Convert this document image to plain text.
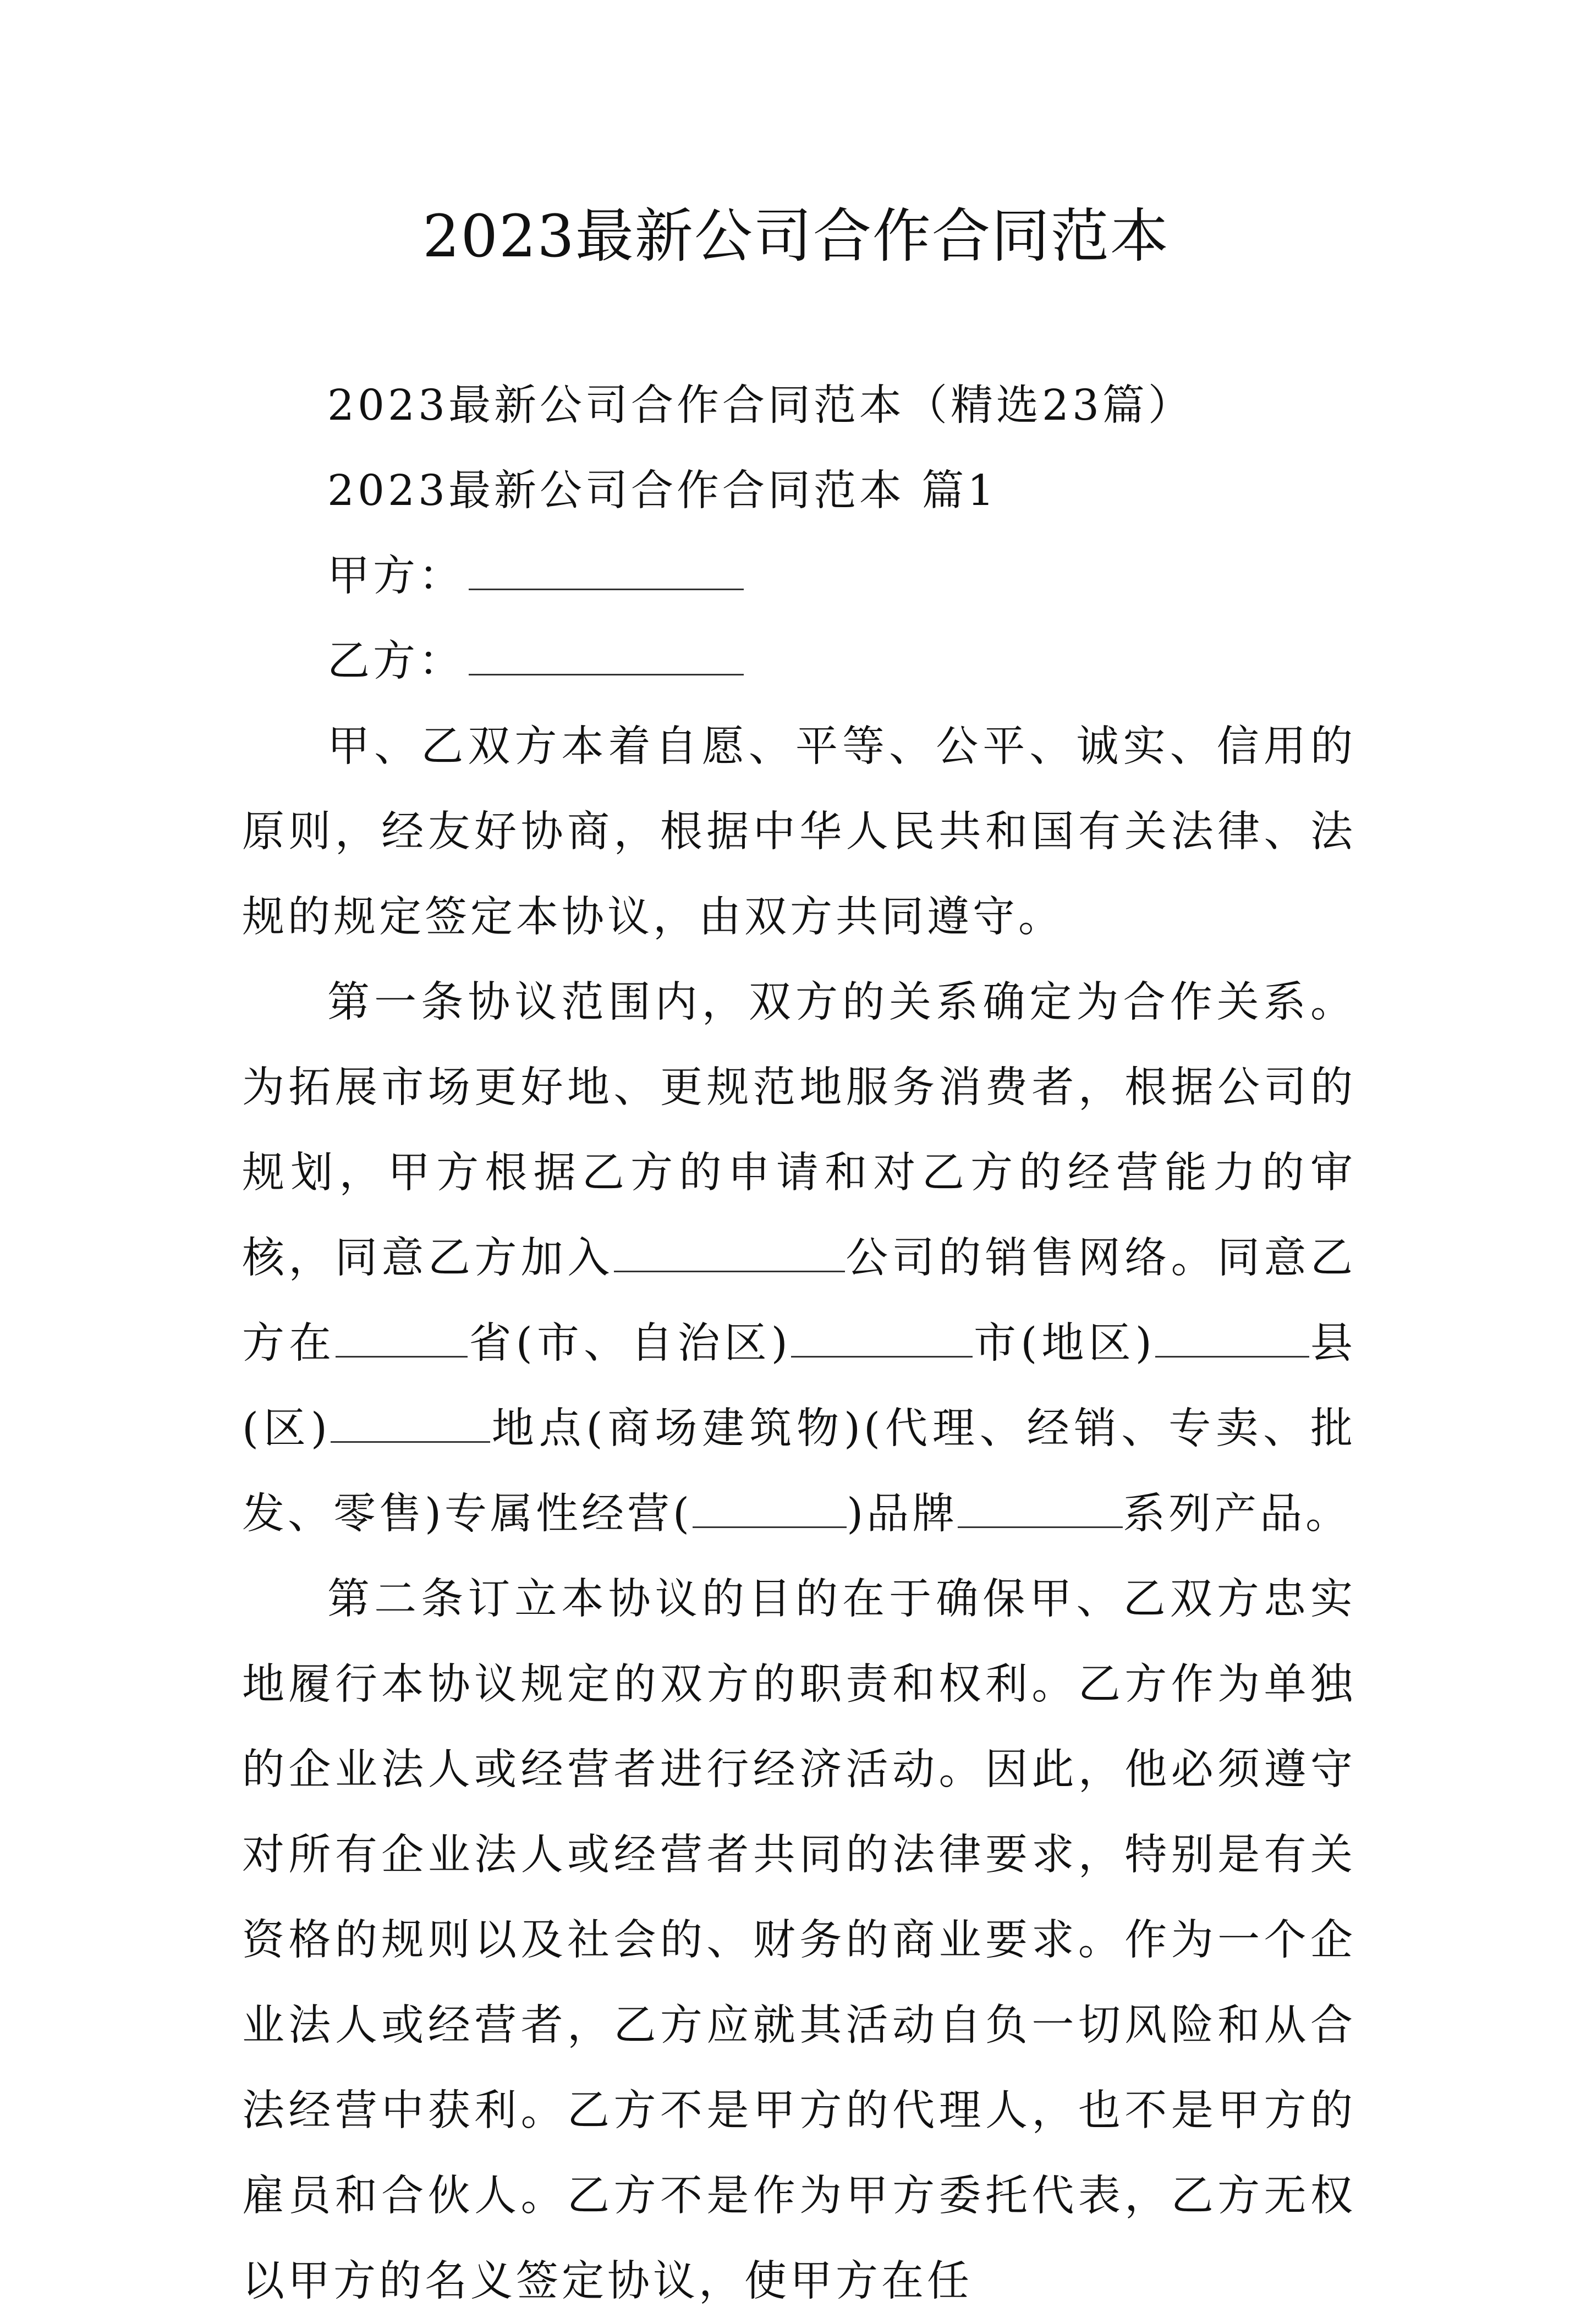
2023最新公司合作合同范本

2023最新公司合作合同范本（精选23篇）

2023最新公司合作合同范本 篇1

甲方：

乙方：

甲、乙双方本着自愿、平等、公平、诚实、信用的原则，经友好协商，根据中华人民共和国有关法律、法规的规定签定本协议，由双方共同遵守。

第一条协议范围内，双方的关系确定为合作关系。为拓展市场更好地、更规范地服务消费者，根据公司的规划，甲方根据乙方的申请和对乙方的经营能力的审核，同意乙方加入	公司的销售网络。同意乙方在	省(市、自治区)	市(地区)	县(区)	地点(商场建筑物)(代理、经销、专卖、批发、零售)专属性经营(	)品牌	系列产品。

第二条订立本协议的目的在于确保甲、乙双方忠实地履行本协议规定的双方的职责和权利。乙方作为单独的企业法人或经营者进行经济活动。因此，他必须遵守对所有企业法人或经营者共同的法律要求，特别是有关资格的规则以及社会的、财务的商业要求。作为一个企业法人或经营者，乙方应就其活动自负一切风险和从合法经营中获利。乙方不是甲方的代理人，也不是甲方的雇员和合伙人。乙方不是作为甲方委托代表，乙方无权以甲方的名义签定协议，使甲方在任
